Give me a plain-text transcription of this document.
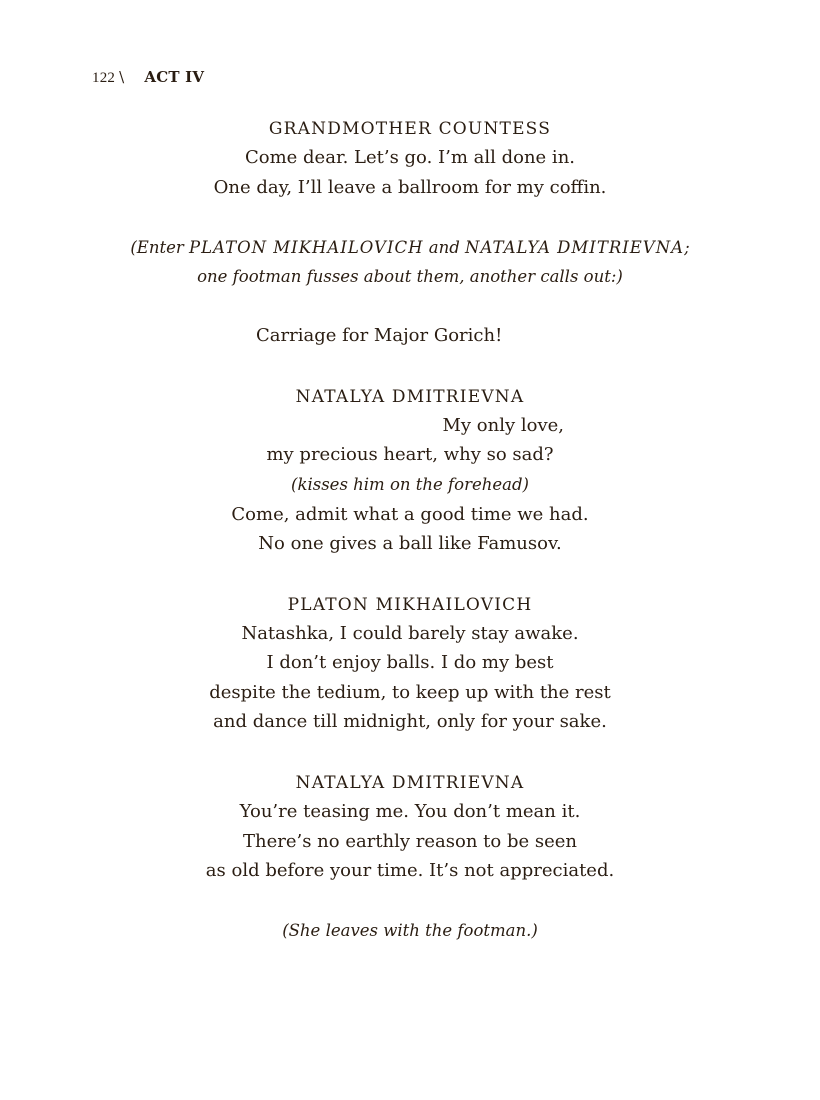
122 \ ACT IV
GRANDMOTHER COUNTESS
Come dear. Let’s go. I’m all done in.
One day, I’ll leave a ballroom for my coffin.
(Enter PLATON MIKHAILOVICH and NATALYA DMITRIEVNA;
one footman fusses about them, another calls out:)
Carriage for Major Gorich!
NATALYA DMITRIEVNA
My only love,
my precious heart, why so sad?
(kisses him on the forehead)
Come, admit what a good time we had.
No one gives a ball like Famusov.
PLATON MIKHAILOVICH
Natashka, I could barely stay awake.
I don’t enjoy balls. I do my best
despite the tedium, to keep up with the rest
and dance till midnight, only for your sake.
NATALYA DMITRIEVNA
You’re teasing me. You don’t mean it.
There’s no earthly reason to be seen
as old before your time. It’s not appreciated.
(She leaves with the footman.)
